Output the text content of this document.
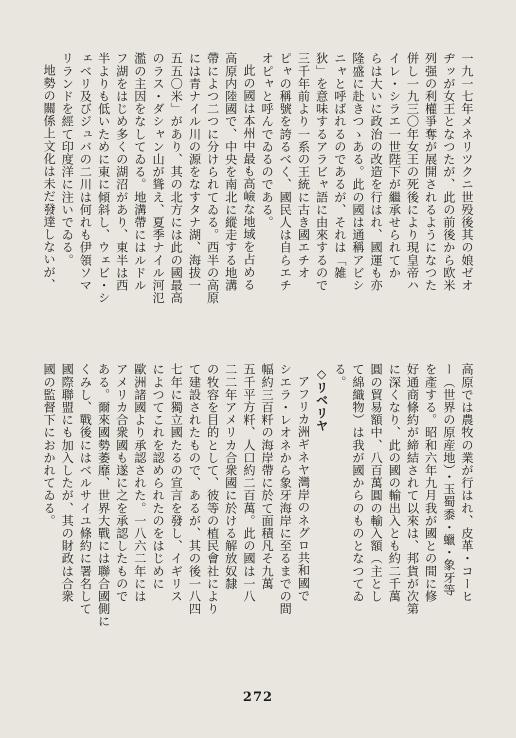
一九一七年メネリツクニ世殁後其の娘ゼオ
ヂッが女王となつたが、此の前後から欧米
列强の利權爭奪が展開されるようになつた
併し一九三〇年女王の死後により現皇帝ハ
イレ・シラエ一世陛下が繼承せられてか
らは大いに政治の改造を行はれ、國運も亦
隆盛に赴きつゝある。此の國は通稱アビシ
ニャと呼ばれるのであるが、それは「雑
狄」を意味するアラビャ語に由來するので
三千年前より一系の王統に古き國エチオ
ピャの稱號を誇るべく、國民人は自らエチ
オピャと呼んでゐるのである。
此の國は本州中最も高嶮な地域を占める
高原内陸國で、中央を南北に縱走する地溝
帶によつ二つに分けられてゐる。西半の高原
には青ナイル川の源をなすタナ湖、海拔一
五五〇米」があり、其の北方には此の國最高
のラス・ダシャン山が聳え、夏季ナイル河氾
濫の主因をなしてゐる。地溝帶にはルドル
フ湖をはじめ多くの湖沼があり、東半は西
半よりも低いために東に傾斜し、ウェビ・シ
ェベリ及びジュバの二川は何れも伊領ソマ
リランドを經て印度洋に注いでゐる。
地勢の關係上文化は未だ發達しないが、
高原では農牧の業が行はれ、皮革・コーヒ
ー（世界の原産地）・玉蜀黍・蠟・象牙等
を產する。昭和六年九月我が國との間に修
好通商條約が締結されて以來は、邦貨が次第
に深くなり、此の國の輸出入とも約二千萬
圓の貿易額中、八百萬圓の輸入額（主とし
て綿織物）は我が國からのものとなつてゐ
る。
◇リベリヤ
アフリカ洲ギネヤ灣岸のネグロ共和國で
シエラ・レオネから象牙海岸に至るまでの間
幅約三百粁の海岸帶に於て面積凡そ九萬
五千平方粁、人口約二百萬。此の國は一八
二二年アメリカ合衆國に於ける解放奴隸
の牧容を目的として、彼等の植民會社により
て建設されたもので、あるが、其の後一八四
七年に獨立國たるの宣言を發し、イギリス
によつてこれを認められたのをはじめに
歐洲諸國より承認された。一八六二年には
アメリカ合衆國も遂に之を承認したもので
ある。爾來國勢萎靡、世界大戰には聯合國側に
くみし、戰後にはベルサイユ條約に署名して
國際聯盟にも加入したが、其の財政は合衆
國の監督下におかれてゐる。
272
